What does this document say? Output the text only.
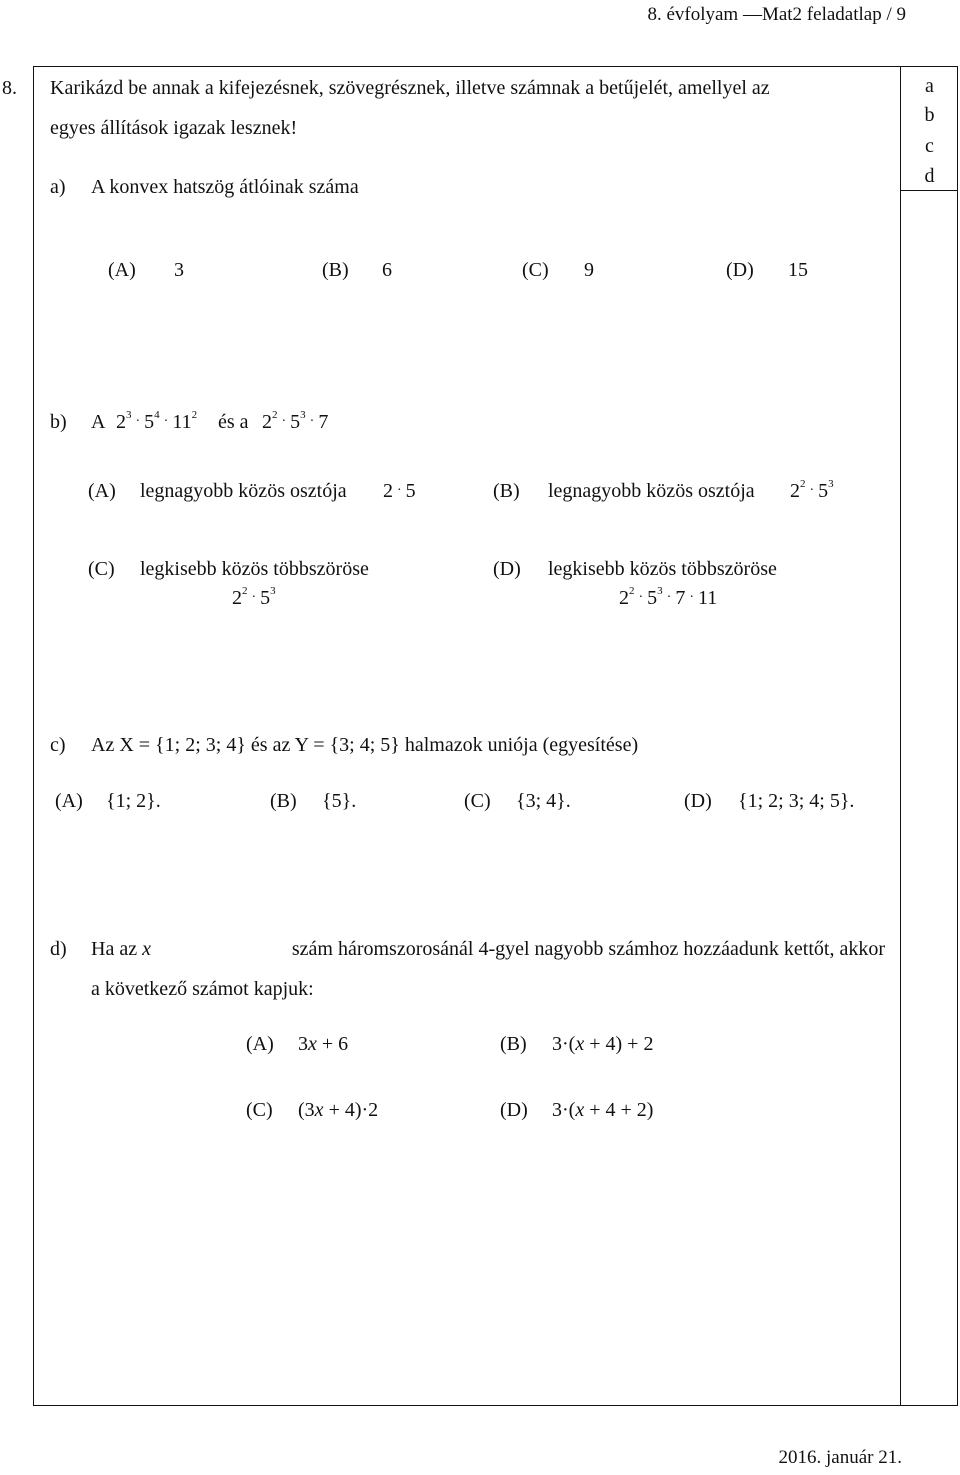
8. évfolyam —Mat2 feladatlap / 9
a
b
c
d
8. Karikázd be annak a kifejezésnek, szövegrésznek, illetve számnak a betűjelét, amellyel az
egyes állítások igazak lesznek!
a) A konvex hatszög átlóinak száma
(A) 3	(B) 6	(C) 9	(D) 15
b) A $2^3 \cdot 5^4 \cdot 11^2$ és a $2^2 \cdot 5^3 \cdot 7$
(A) legnagyobb közös osztója 2 · 5	(B) legnagyobb közös osztója $2^2 \cdot 5^3$
(C) legkisebb közös többszöröse
$2^2 \cdot 5^3$
(D) legkisebb közös többszöröse
$2^2 \cdot 5^3 \cdot 7 \cdot 11$
c) Az X = {1; 2; 3; 4} és az Y = {3; 4; 5} halmazok uniója (egyesítése)
(A) {1; 2}.	(B) {5}.	(C) {3; 4}.	(D) {1; 2; 3; 4; 5}.
d) Ha az x	szám háromszorosánál 4-gyel nagyobb számhoz hozzáadunk kettőt, akkor
a következő számot kapjuk:
(A) 3x + 6	(B) 3·(x + 4) + 2
(C) (3x + 4)·2	(D) 3·(x + 4 + 2)
2016. január 21.
